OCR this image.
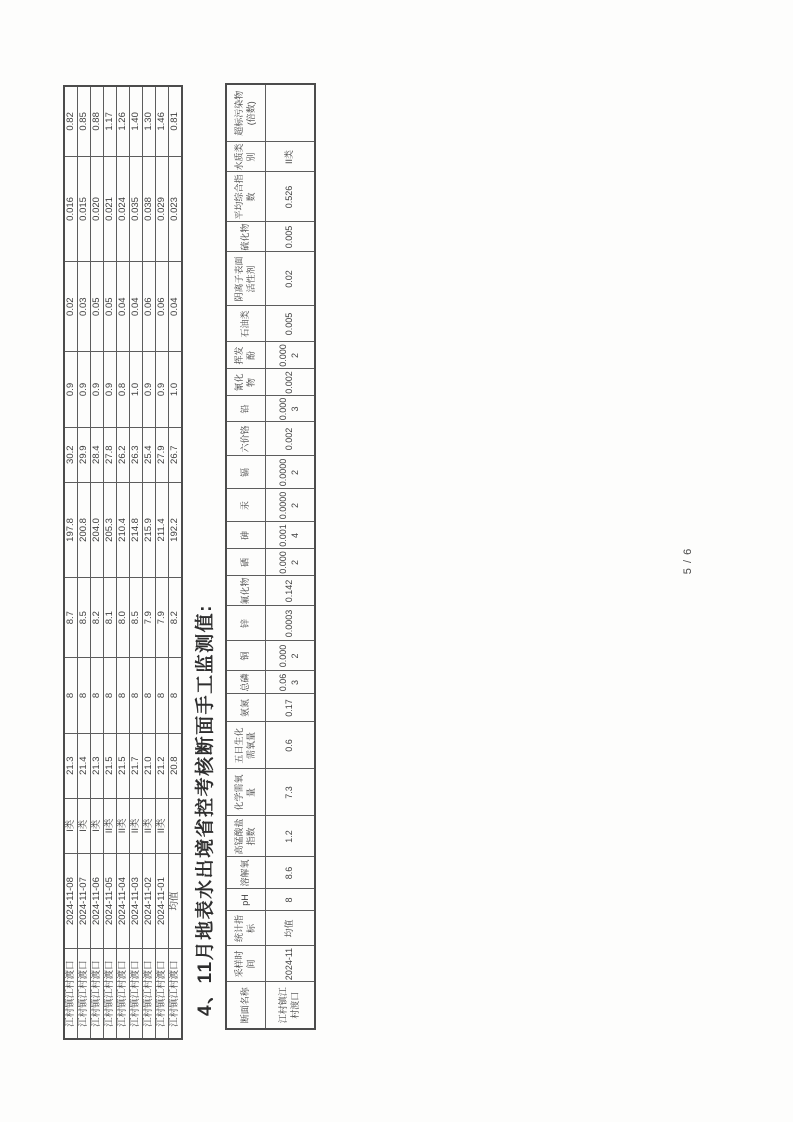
江村镇江村渡口	2024-11-08	I类	21.3	8	8.7	197.8	30.2	0.9	0.02	0.016	0.82
江村镇江村渡口	2024-11-07	I类	21.4	8	8.5	200.8	29.9	0.9	0.03	0.015	0.85
江村镇江村渡口	2024-11-06	I类	21.3	8	8.2	204.0	28.4	0.9	0.05	0.020	0.88
江村镇江村渡口	2024-11-05	II类	21.5	8	8.1	205.3	27.8	0.9	0.05	0.021	1.17
江村镇江村渡口	2024-11-04	II类	21.5	8	8.0	210.4	26.2	0.8	0.04	0.024	1.26
江村镇江村渡口	2024-11-03	II类	21.7	8	8.5	214.8	26.3	1.0	0.04	0.035	1.40
江村镇江村渡口	2024-11-02	II类	21.0	8	7.9	215.9	25.4	0.9	0.06	0.038	1.30
江村镇江村渡口	2024-11-01	II类	21.2	8	7.9	211.4	27.9	0.9	0.06	0.029	1.46
江村镇江村渡口	均值		20.8	8	8.2	192.2	26.7	1.0	0.04	0.023	0.81
4、11月地表水出境省控考核断面手工监测值:	断面名称	采样时间	统计指标	pH	溶解氧	高锰酸盐指数	化学需氧量	五日生化需氧量	氨氮	总磷	铜	锌	氟化物	硒	砷	汞	镉	六价铬	铅	氰化物	挥发酚	石油类	阴离子表面活性剂	硫化物	平均综合指数	水质类别	超标污染物(倍数)
江村镇江村渡口	2024-11	均值	8	8.6	1.2	7.3	0.6	0.17	0.063	0.0002	0.0003	0.142	0.0002	0.0014	0.00002	0.00002	0.002	0.0003	0.002	0.0002	0.005	0.02	0.005	0.526	II类	
5 / 6
